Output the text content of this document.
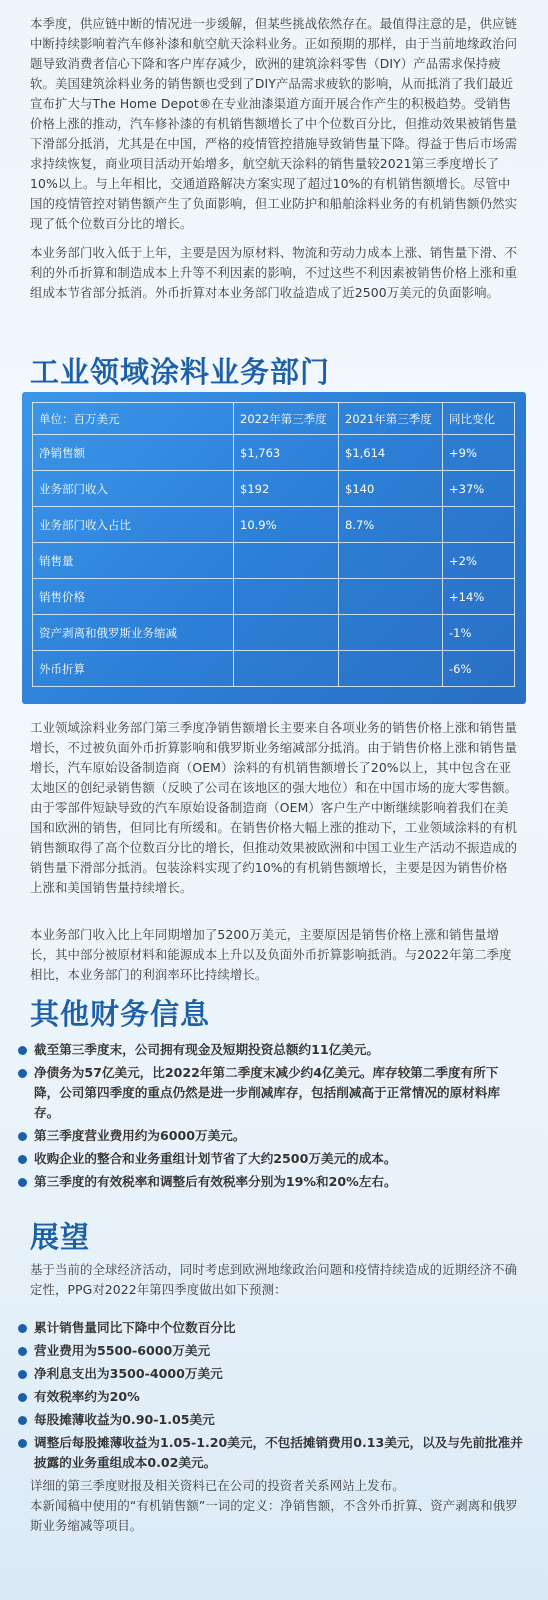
本季度，供应链中断的情况进一步缓解，但某些挑战依然存在。最值得注意的是，供应链中断持续影响着汽车修补漆和航空航天涂料业务。正如预期的那样，由于当前地缘政治问题导致消费者信心下降和客户库存减少，欧洲的建筑涂料零售（DIY）产品需求保持疲软。美国建筑涂料业务的销售额也受到了DIY产品需求疲软的影响，从而抵消了我们最近宣布扩大与The Home Depot®在专业油漆渠道方面开展合作产生的积极趋势。受销售价格上涨的推动，汽车修补漆的有机销售额增长了中个位数百分比，但推动效果被销售量下滑部分抵消，尤其是在中国，严格的疫情管控措施导致销售量下降。得益于售后市场需求持续恢复，商业项目活动开始增多，航空航天涂料的销售量较2021第三季度增长了10%以上。与上年相比，交通道路解决方案实现了超过10%的有机销售额增长。尽管中国的疫情管控对销售额产生了负面影响，但工业防护和船舶涂料业务的有机销售额仍然实现了低个位数百分比的增长。

本业务部门收入低于上年，主要是因为原材料、物流和劳动力成本上涨、销售量下滑、不利的外币折算和制造成本上升等不利因素的影响，不过这些不利因素被销售价格上涨和重组成本节省部分抵消。外币折算对本业务部门收益造成了近2500万美元的负面影响。

工业领域涂料业务部门
单位：百万美元	2022年第三季度	2021年第三季度	同比变化
净销售额	$1,763	$1,614	+9%
业务部门收入	$192	$140	+37%
业务部门收入占比	10.9%	8.7%	
销售量			+2%
销售价格			+14%
资产剥离和俄罗斯业务缩减			-1%
外币折算			-6%

工业领域涂料业务部门第三季度净销售额增长主要来自各项业务的销售价格上涨和销售量增长，不过被负面外币折算影响和俄罗斯业务缩减部分抵消。由于销售价格上涨和销售量增长，汽车原始设备制造商（OEM）涂料的有机销售额增长了20%以上，其中包含在亚太地区的创纪录销售额（反映了公司在该地区的强大地位）和在中国市场的庞大零售额。由于零部件短缺导致的汽车原始设备制造商（OEM）客户生产中断继续影响着我们在美国和欧洲的销售，但同比有所缓和。在销售价格大幅上涨的推动下，工业领域涂料的有机销售额取得了高个位数百分比的增长，但推动效果被欧洲和中国工业生产活动不振造成的销售量下滑部分抵消。包装涂料实现了约10%的有机销售额增长，主要是因为销售价格上涨和美国销售量持续增长。

本业务部门收入比上年同期增加了5200万美元，主要原因是销售价格上涨和销售量增长，其中部分被原材料和能源成本上升以及负面外币折算影响抵消。与2022年第二季度相比，本业务部门的利润率环比持续增长。

其他财务信息
截至第三季度末，公司拥有现金及短期投资总额约11亿美元。
净债务为57亿美元，比2022年第二季度末减少约4亿美元。库存较第二季度有所下降，公司第四季度的重点仍然是进一步削减库存，包括削减高于正常情况的原材料库存。
第三季度营业费用约为6000万美元。
收购企业的整合和业务重组计划节省了大约2500万美元的成本。
第三季度的有效税率和调整后有效税率分别为19%和20%左右。
展望

基于当前的全球经济活动，同时考虑到欧洲地缘政治问题和疫情持续造成的近期经济不确定性，PPG对2022年第四季度做出如下预测：

累计销售量同比下降中个位数百分比
营业费用为5500-6000万美元
净利息支出为3500-4000万美元
有效税率约为20%
每股摊薄收益为0.90-1.05美元
调整后每股摊薄收益为1.05-1.20美元，不包括摊销费用0.13美元，以及与先前批准并披露的业务重组成本0.02美元。

详细的第三季度财报及相关资料已在公司的投资者关系网站上发布。

本新闻稿中使用的“有机销售额”一词的定义：净销售额，不含外币折算、资产剥离和俄罗斯业务缩减等项目。
